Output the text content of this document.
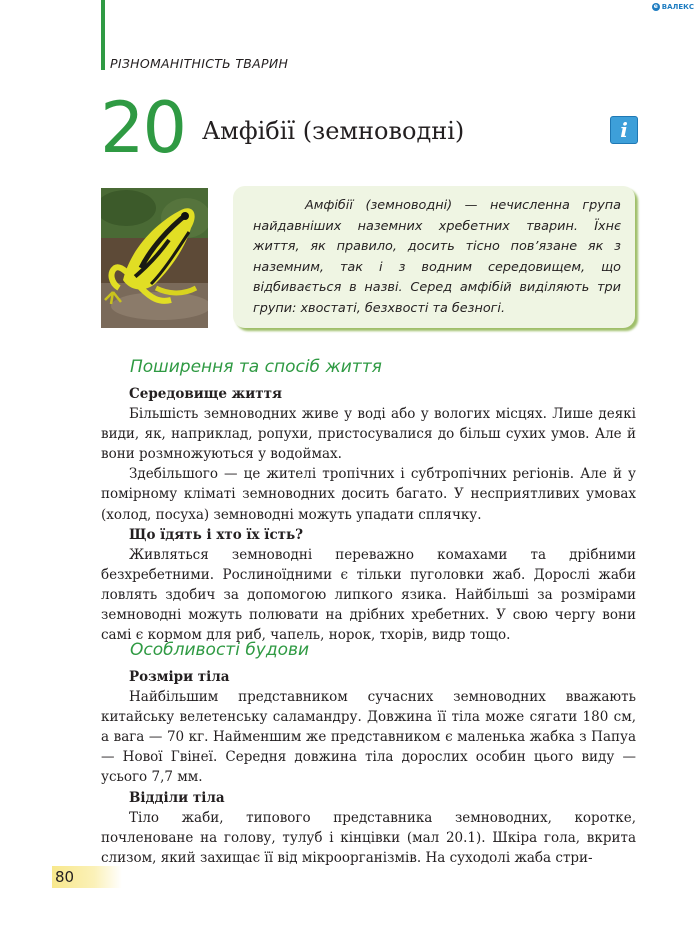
РІЗНОМАНІТНІСТЬ ТВАРИН
е ВАЛЕКС
20 Амфібії (земноводні)	i

Амфібії (земноводні) — нечисленна група найдавніших наземних хребетних тварин. Їхнє життя, як правило, досить тісно пов’язане як з наземним, так і з водним середовищем, що відбивається в назві. Серед амфібій виділяють три групи: хвостаті, безхвості та безногі.

Поширення та спосіб життя

Середовище життя

Більшість земноводних живе у воді або у вологих місцях. Лише деякі види, як, наприклад, ропухи, пристосувалися до більш сухих умов. Але й вони розмножуються у водоймах.

Здебільшого — це жителі тропічних і субтропічних регіонів. Але й у помірному кліматі земноводних досить багато. У несприятливих умовах (холод, посуха) земноводні можуть упадати сплячку.

Що їдять і хто їх їсть?

Живляться земноводні переважно комахами та дрібними безхребетними. Рослиноїдними є тільки пуголовки жаб. Дорослі жаби ловлять здобич за допомогою липкого язика. Найбільші за розмірами земноводні можуть полювати на дрібних хребетних. У свою чергу вони самі є кормом для риб, чапель, норок, тхорів, видр тощо.

Особливості будови

Розміри тіла

Найбільшим представником сучасних земноводних вважають китайську велетенську саламандру. Довжина її тіла може сягати 180 см, а вага — 70 кг. Найменшим же представником є маленька жабка з Папуа — Нової Гвінеї. Середня довжина тіла дорослих особин цього виду — усього 7,7 мм.

Відділи тіла

Тіло жаби, типового представника земноводних, коротке, почленоване на голову, тулуб і кінцівки (мал 20.1). Шкіра гола, вкрита слизом, який захищає її від мікроорганізмів. На суходолі жаба стри-

80
